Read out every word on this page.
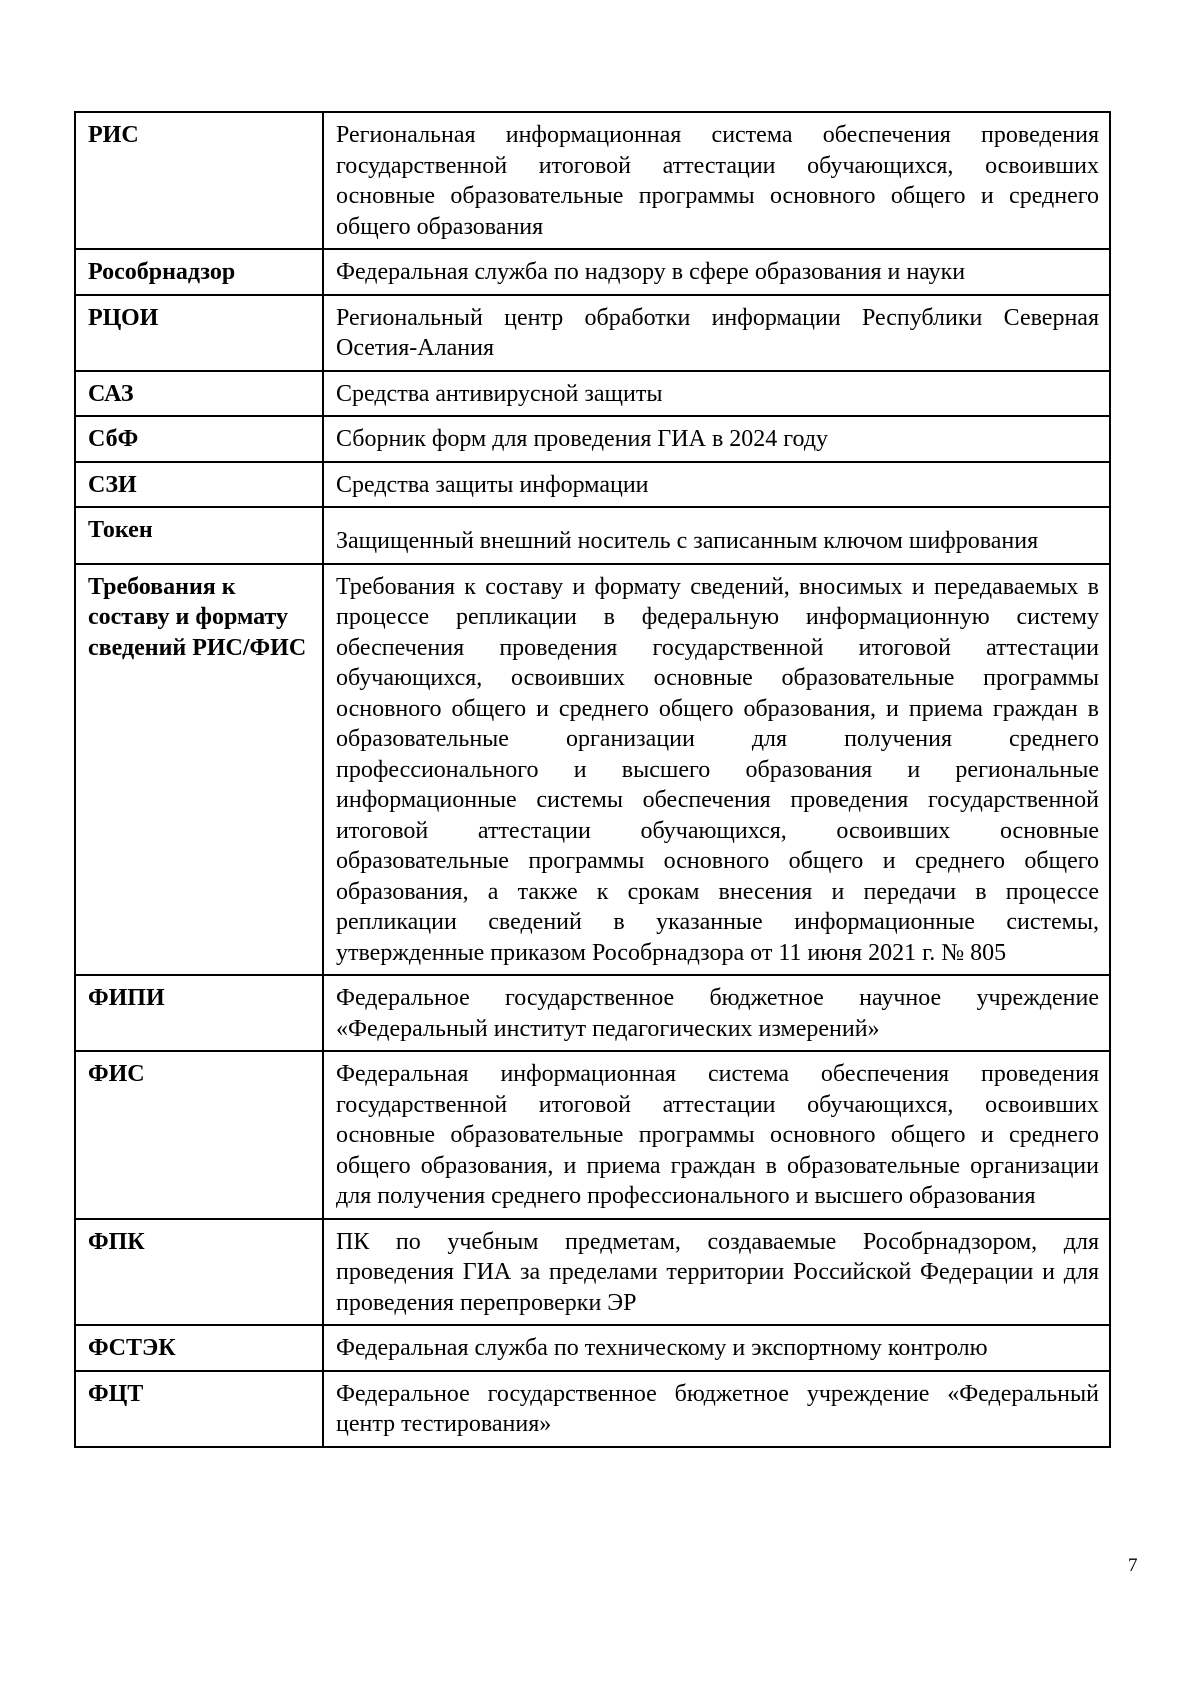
РИС	Региональная информационная система обеспечения проведения государственной итоговой аттестации обучающихся, освоивших основные образовательные программы основного общего и среднего общего образования
Рособрнадзор	Федеральная служба по надзору в сфере образования и науки
РЦОИ	Региональный центр обработки информации Республики Северная Осетия-Алания
САЗ	Средства антивирусной защиты
СбФ	Сборник форм для проведения ГИА в 2024 году
СЗИ	Средства защиты информации
Токен	Защищенный внешний носитель с записанным ключом шифрования
Требования к составу и формату сведений РИС/ФИС	Требования к составу и формату сведений, вносимых и передаваемых в процессе репликации в федеральную информационную систему обеспечения проведения государственной итоговой аттестации обучающихся, освоивших основные образовательные программы основного общего и среднего общего образования, и приема граждан в образовательные организации для получения среднего профессионального и высшего образования и региональные информационные системы обеспечения проведения государственной итоговой аттестации обучающихся, освоивших основные образовательные программы основного общего и среднего общего образования, а также к срокам внесения и передачи в процессе репликации сведений в указанные информационные системы, утвержденные приказом Рособрнадзора от 11 июня 2021 г. № 805
ФИПИ	Федеральное государственное бюджетное научное учреждение «Федеральный институт педагогических измерений»
ФИС	Федеральная информационная система обеспечения проведения государственной итоговой аттестации обучающихся, освоивших основные образовательные программы основного общего и среднего общего образования, и приема граждан в образовательные организации для получения среднего профессионального и высшего образования
ФПК	ПК по учебным предметам, создаваемые Рособрнадзором, для проведения ГИА за пределами территории Российской Федерации и для проведения перепроверки ЭР
ФСТЭК	Федеральная служба по техническому и экспортному контролю
ФЦТ	Федеральное государственное бюджетное учреждение «Федеральный центр тестирования»
7
